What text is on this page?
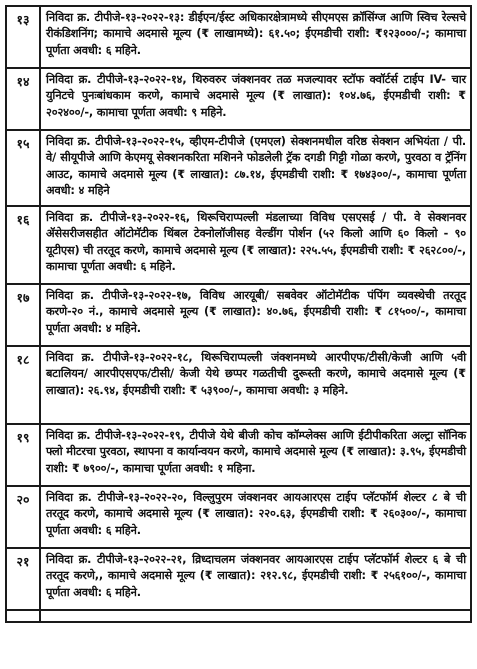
१३	निविदा क्र. टीपीजे-१३-२०२२-१३: डीईएन/ईस्ट अधिकारक्षेत्रामध्ये सीएमएस क्रॉसिंग्ज आणि स्विच रेल्सचे रीकंडिशनिंग; कामाचे अदमासे मूल्य (₹ लाखामध्ये): ६१.५०; ईएमडीची राशी: ₹१२३०००/-; कामाचा पूर्णता अवधी: ६ महिने.
१४	निविदा क्र. टीपीजे-१३-२०२२-१४, थिरुवरुर जंक्शनवर तळ मजल्यावर स्टॉफ क्वॉर्टर्स टाईप IV- चार युनिटचे पुनःबांधकाम करणे, कामाचे अदमासे मूल्य (₹ लाखात): १०४.७६, ईएमडीची राशी: ₹ २०२४००/-, कामाचा पूर्णता अवधी: ९ महिने.
१५	निविदा क्र. टीपीजे-१३-२०२२-१५, व्हीएम-टीपीजे (एमएल) सेक्शनमधील वरिष्ठ सेक्शन अभियंता / पी. वे/ सीयूपीजे आणि केएमयू सेक्शनकरिता मशिनने फोडलेली ट्रॅक दगडी गिट्टी गोळा करणे, पुरवठा व ट्रॅनिंग आउट, कामाचे अदमासे मूल्य (₹ लाखात): ८७.१४, ईएमडीची राशी: ₹ १७४३००/-, कामाचा पूर्णता अवधी: ४ महिने
१६	निविदा क्र. टीपीजे-१३-२०२२-१६, थिरूचिराप्पल्ली मंडलाच्या विविध एसएसई / पी. वे सेक्शनवर ॲसेसरीजसहीत ऑटोमॅटीक थिंबल टेक्नोलॉजीसह वेल्डींग पोर्शन (५२ किलो आणि ६० किलो - ९० यूटीएस) ची तरतूद करणे, कामाचे अदमासे मूल्य (₹ लाखात): २२५.५५, ईएमडीची राशी: ₹ २६२८००/-, कामाचा पूर्णता अवधी: ६ महिने.
१७	निविदा क्र. टीपीजे-१३-२०२२-१७, विविध आरयूबी/ सबवेवर ऑटोमॅटीक पंपिंग व्यवस्थेची तरतूद करणे-२० नं., कामाचे अदमासे मूल्य (₹ लाखात): ४०.७६, ईएमडीची राशी: ₹ ८१५००/-, कामाचा पूर्णता अवधी: ४ महिने.
१८	निविदा क्र. टीपीजे-१३-२०२२-१८, थिरूचिराप्पल्ली जंक्शनमध्ये आरपीएफ/टीसी/केजी आणि ५वी बटालियन/ आरपीएसएफ/टीसी/ केजी येथे छप्पर गळतीची दुरूस्ती करणे, कामाचे अदमासे मूल्य (₹ लाखात): २६.९४, ईएमडीची राशी: ₹ ५३९००/-, कामाचा अवधी: ३ महिने.
१९	निविदा क्र. टीपीजे-१३-२०२२-१९, टीपीजे येथे बीजी कोच कॉम्प्लेक्स आणि ईटीपीकरिता अल्ट्रा सॉनिक फ्लो मीटरचा पुरवठा, स्थापना व कार्यान्वयन करणे, कामाचे अदमासे मूल्य (₹ लाखात): ३.९५, ईएमडीची राशी: ₹ ७९००/-, कामाचा पूर्णता अवधी: १ महिना.
२०	निविदा क्र. टीपीजे-१३-२०२२-२०, विल्लुपुरम जंक्शनवर आयआरएस टाईप प्लॅटफॉर्म शेल्टर ८ बे ची तरतूद करणे, कामाचे अदमासे मूल्य (₹ लाखात): २२०.६३, ईएमडीची राशी: ₹ २६०३००/-, कामाचा पूर्णता अवधी: ६ महिने.
२१	निविदा क्र. टीपीजे-१३-२०२२-२१, व्रिध्दाचलम जंक्शनवर आयआरएस टाईप प्लॅटफॉर्म शेल्टर ६ बे ची तरतूद करणे,, कामाचे अदमासे मूल्य (₹ लाखात): २१२.९८, ईएमडीची राशी: ₹ २५६१००/-, कामाचा पूर्णता अवधी: ६ महिने.
